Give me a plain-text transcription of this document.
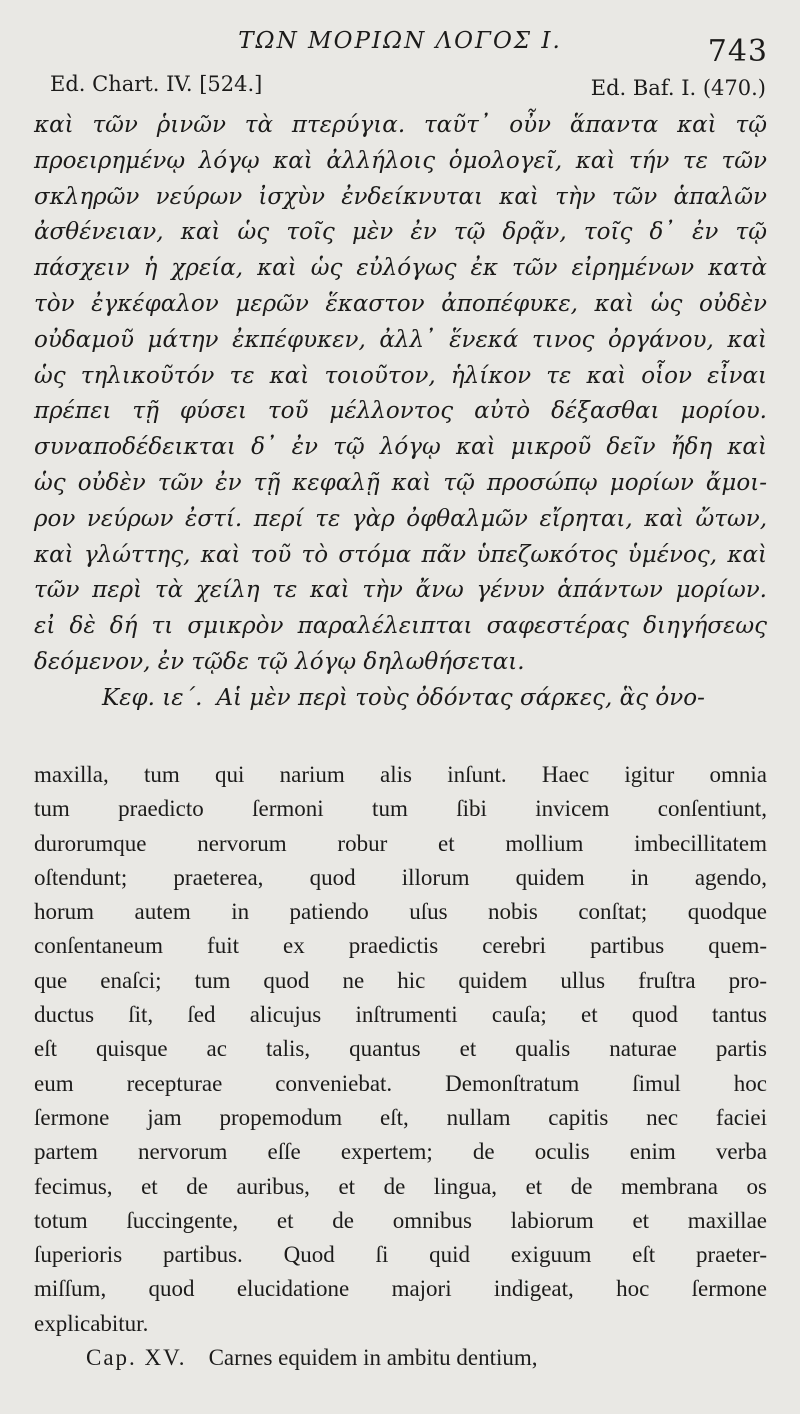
ΤΩΝ ΜΟΡΙΩΝ ΛΟΓΟΣ Ι.	743
Ed. Chart. IV. [524.]	Ed. Baf. I. (470.)
καὶ τῶν ῥινῶν τὰ πτερύγια. ταῦτ᾿ οὖν ἅπαντα καὶ τῷ
προειρημένῳ λόγῳ καὶ ἀλλήλοις ὁμολογεῖ, καὶ τήν τε τῶν
σκληρῶν νεύρων ἰσχὺν ἐνδείκνυται καὶ τὴν τῶν ἁπαλῶν
ἀσθένειαν, καὶ ὡς τοῖς μὲν ἐν τῷ δρᾷν, τοῖς δ᾿ ἐν τῷ
πάσχειν ἡ χρεία, καὶ ὡς εὐλόγως ἐκ τῶν εἰρημένων κατὰ
τὸν ἐγκέφαλον μερῶν ἕκαστον ἀποπέφυκε, καὶ ὡς οὐδὲν
οὐδαμοῦ μάτην ἐκπέφυκεν, ἀλλ᾿ ἕνεκά τινος ὀργάνου, καὶ
ὡς τηλικοῦτόν τε καὶ τοιοῦτον, ἡλίκον τε καὶ οἷον εἶναι
πρέπει τῇ φύσει τοῦ μέλλοντος αὐτὸ δέξασθαι μορίου.
συναποδέδεικται δ᾿ ἐν τῷ λόγῳ καὶ μικροῦ δεῖν ἤδη καὶ
ὡς οὐδὲν τῶν ἐν τῇ κεφαλῇ καὶ τῷ προσώπῳ μορίων ἄμοι-
ρον νεύρων ἐστί. περί τε γὰρ ὀφθαλμῶν εἴρηται, καὶ ὤτων,
καὶ γλώττης, καὶ τοῦ τὸ στόμα πᾶν ὑπεζωκότος ὑμένος, καὶ
τῶν περὶ τὰ χείλη τε καὶ τὴν ἄνω γένυν ἁπάντων μορίων.
εἰ δὲ δή τι σμικρὸν παραλέλειπται σαφεστέρας διηγήσεως
δεόμενον, ἐν τῷδε τῷ λόγῳ δηλωθήσεται.
Κεφ. ιε΄. Αἱ μὲν περὶ τοὺς ὀδόντας σάρκες, ἃς ὀνο-
maxilla, tum qui narium alis inſunt. Haec igitur omnia
tum praedicto ſermoni tum ſibi invicem conſentiunt,
durorumque nervorum robur et mollium imbecillitatem
oſtendunt; praeterea, quod illorum quidem in agendo,
horum autem in patiendo uſus nobis conſtat; quodque
conſentaneum fuit ex praedictis cerebri partibus quem-
que enaſci; tum quod ne hic quidem ullus fruſtra pro-
ductus ſit, ſed alicujus inſtrumenti cauſa; et quod tantus
eſt quisque ac talis, quantus et qualis naturae partis
eum recepturae conveniebat. Demonſtratum ſimul hoc
ſermone jam propemodum eſt, nullam capitis nec faciei
partem nervorum eſſe expertem; de oculis enim verba
fecimus, et de auribus, et de lingua, et de membrana os
totum ſuccingente, et de omnibus labiorum et maxillae
ſuperioris partibus. Quod ſi quid exiguum eſt praeter-
miſſum, quod elucidatione majori indigeat, hoc ſermone
explicabitur.
Cap. XV. Carnes equidem in ambitu dentium,
